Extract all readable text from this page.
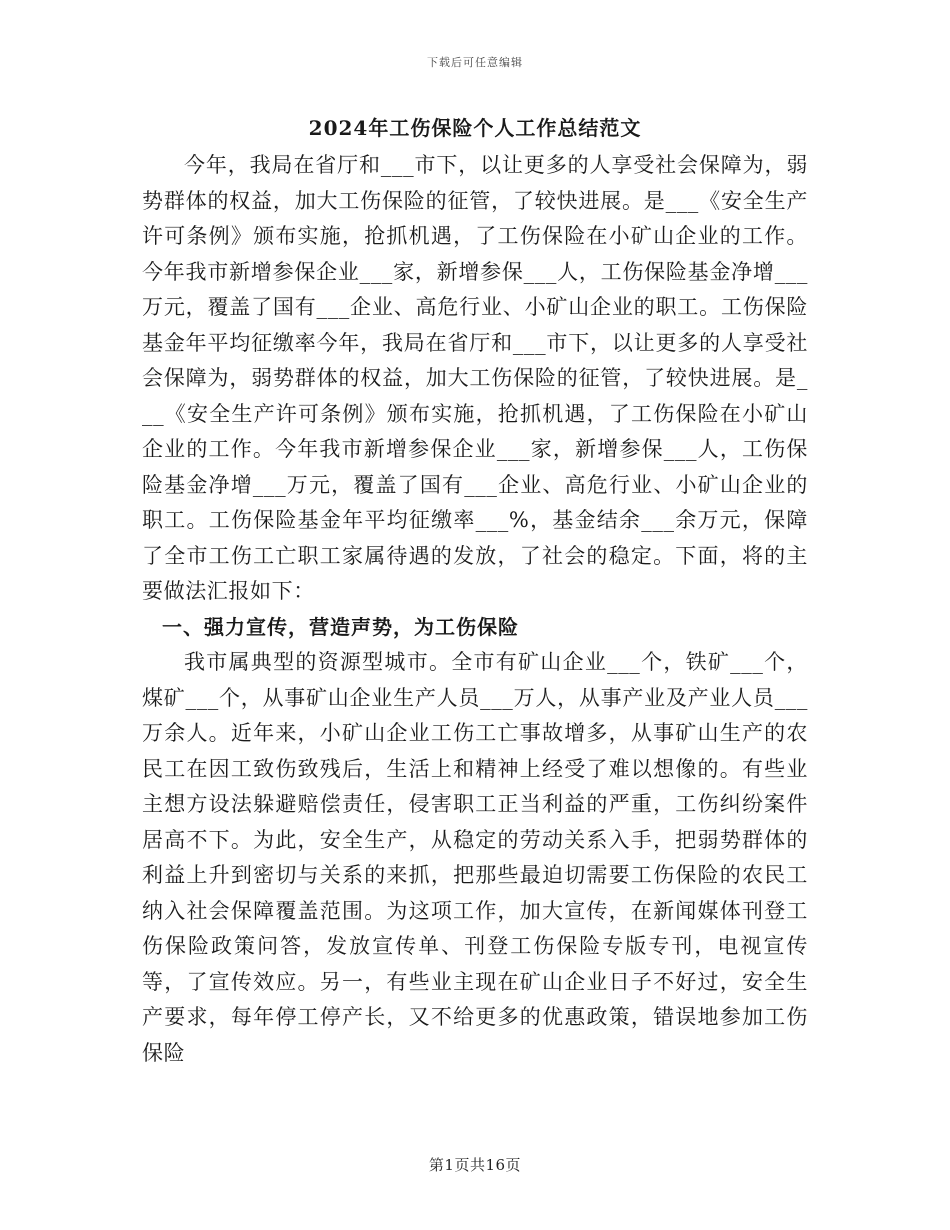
下载后可任意编辑
2024年工伤保险个人工作总结范文

今年，我局在省厅和___市下，以让更多的人享受社会保障为，弱势群体的权益，加大工伤保险的征管，了较快进展。是___《安全生产许可条例》颁布实施，抢抓机遇，了工伤保险在小矿山企业的工作。今年我市新增参保企业___家，新增参保___人，工伤保险基金净增___万元，覆盖了国有___企业、高危行业、小矿山企业的职工。工伤保险基金年平均征缴率今年，我局在省厅和___市下，以让更多的人享受社会保障为，弱势群体的权益，加大工伤保险的征管，了较快进展。是___《安全生产许可条例》颁布实施，抢抓机遇，了工伤保险在小矿山企业的工作。今年我市新增参保企业___家，新增参保___人，工伤保险基金净增___万元，覆盖了国有___企业、高危行业、小矿山企业的职工。工伤保险基金年平均征缴率___%，基金结余___余万元，保障了全市工伤工亡职工家属待遇的发放，了社会的稳定。下面，将的主要做法汇报如下：

一、强力宣传，营造声势，为工伤保险

我市属典型的资源型城市。全市有矿山企业___个，铁矿___个，煤矿___个，从事矿山企业生产人员___万人，从事产业及产业人员___万余人。近年来，小矿山企业工伤工亡事故增多，从事矿山生产的农民工在因工致伤致残后，生活上和精神上经受了难以想像的。有些业主想方设法躲避赔偿责任，侵害职工正当利益的严重，工伤纠纷案件居高不下。为此，安全生产，从稳定的劳动关系入手，把弱势群体的利益上升到密切与关系的来抓，把那些最迫切需要工伤保险的农民工纳入社会保障覆盖范围。为这项工作，加大宣传，在新闻媒体刊登工伤保险政策问答，发放宣传单、刊登工伤保险专版专刊，电视宣传等，了宣传效应。另一，有些业主现在矿山企业日子不好过，安全生产要求，每年停工停产长，又不给更多的优惠政策，错误地参加工伤保险

第1页共16页
